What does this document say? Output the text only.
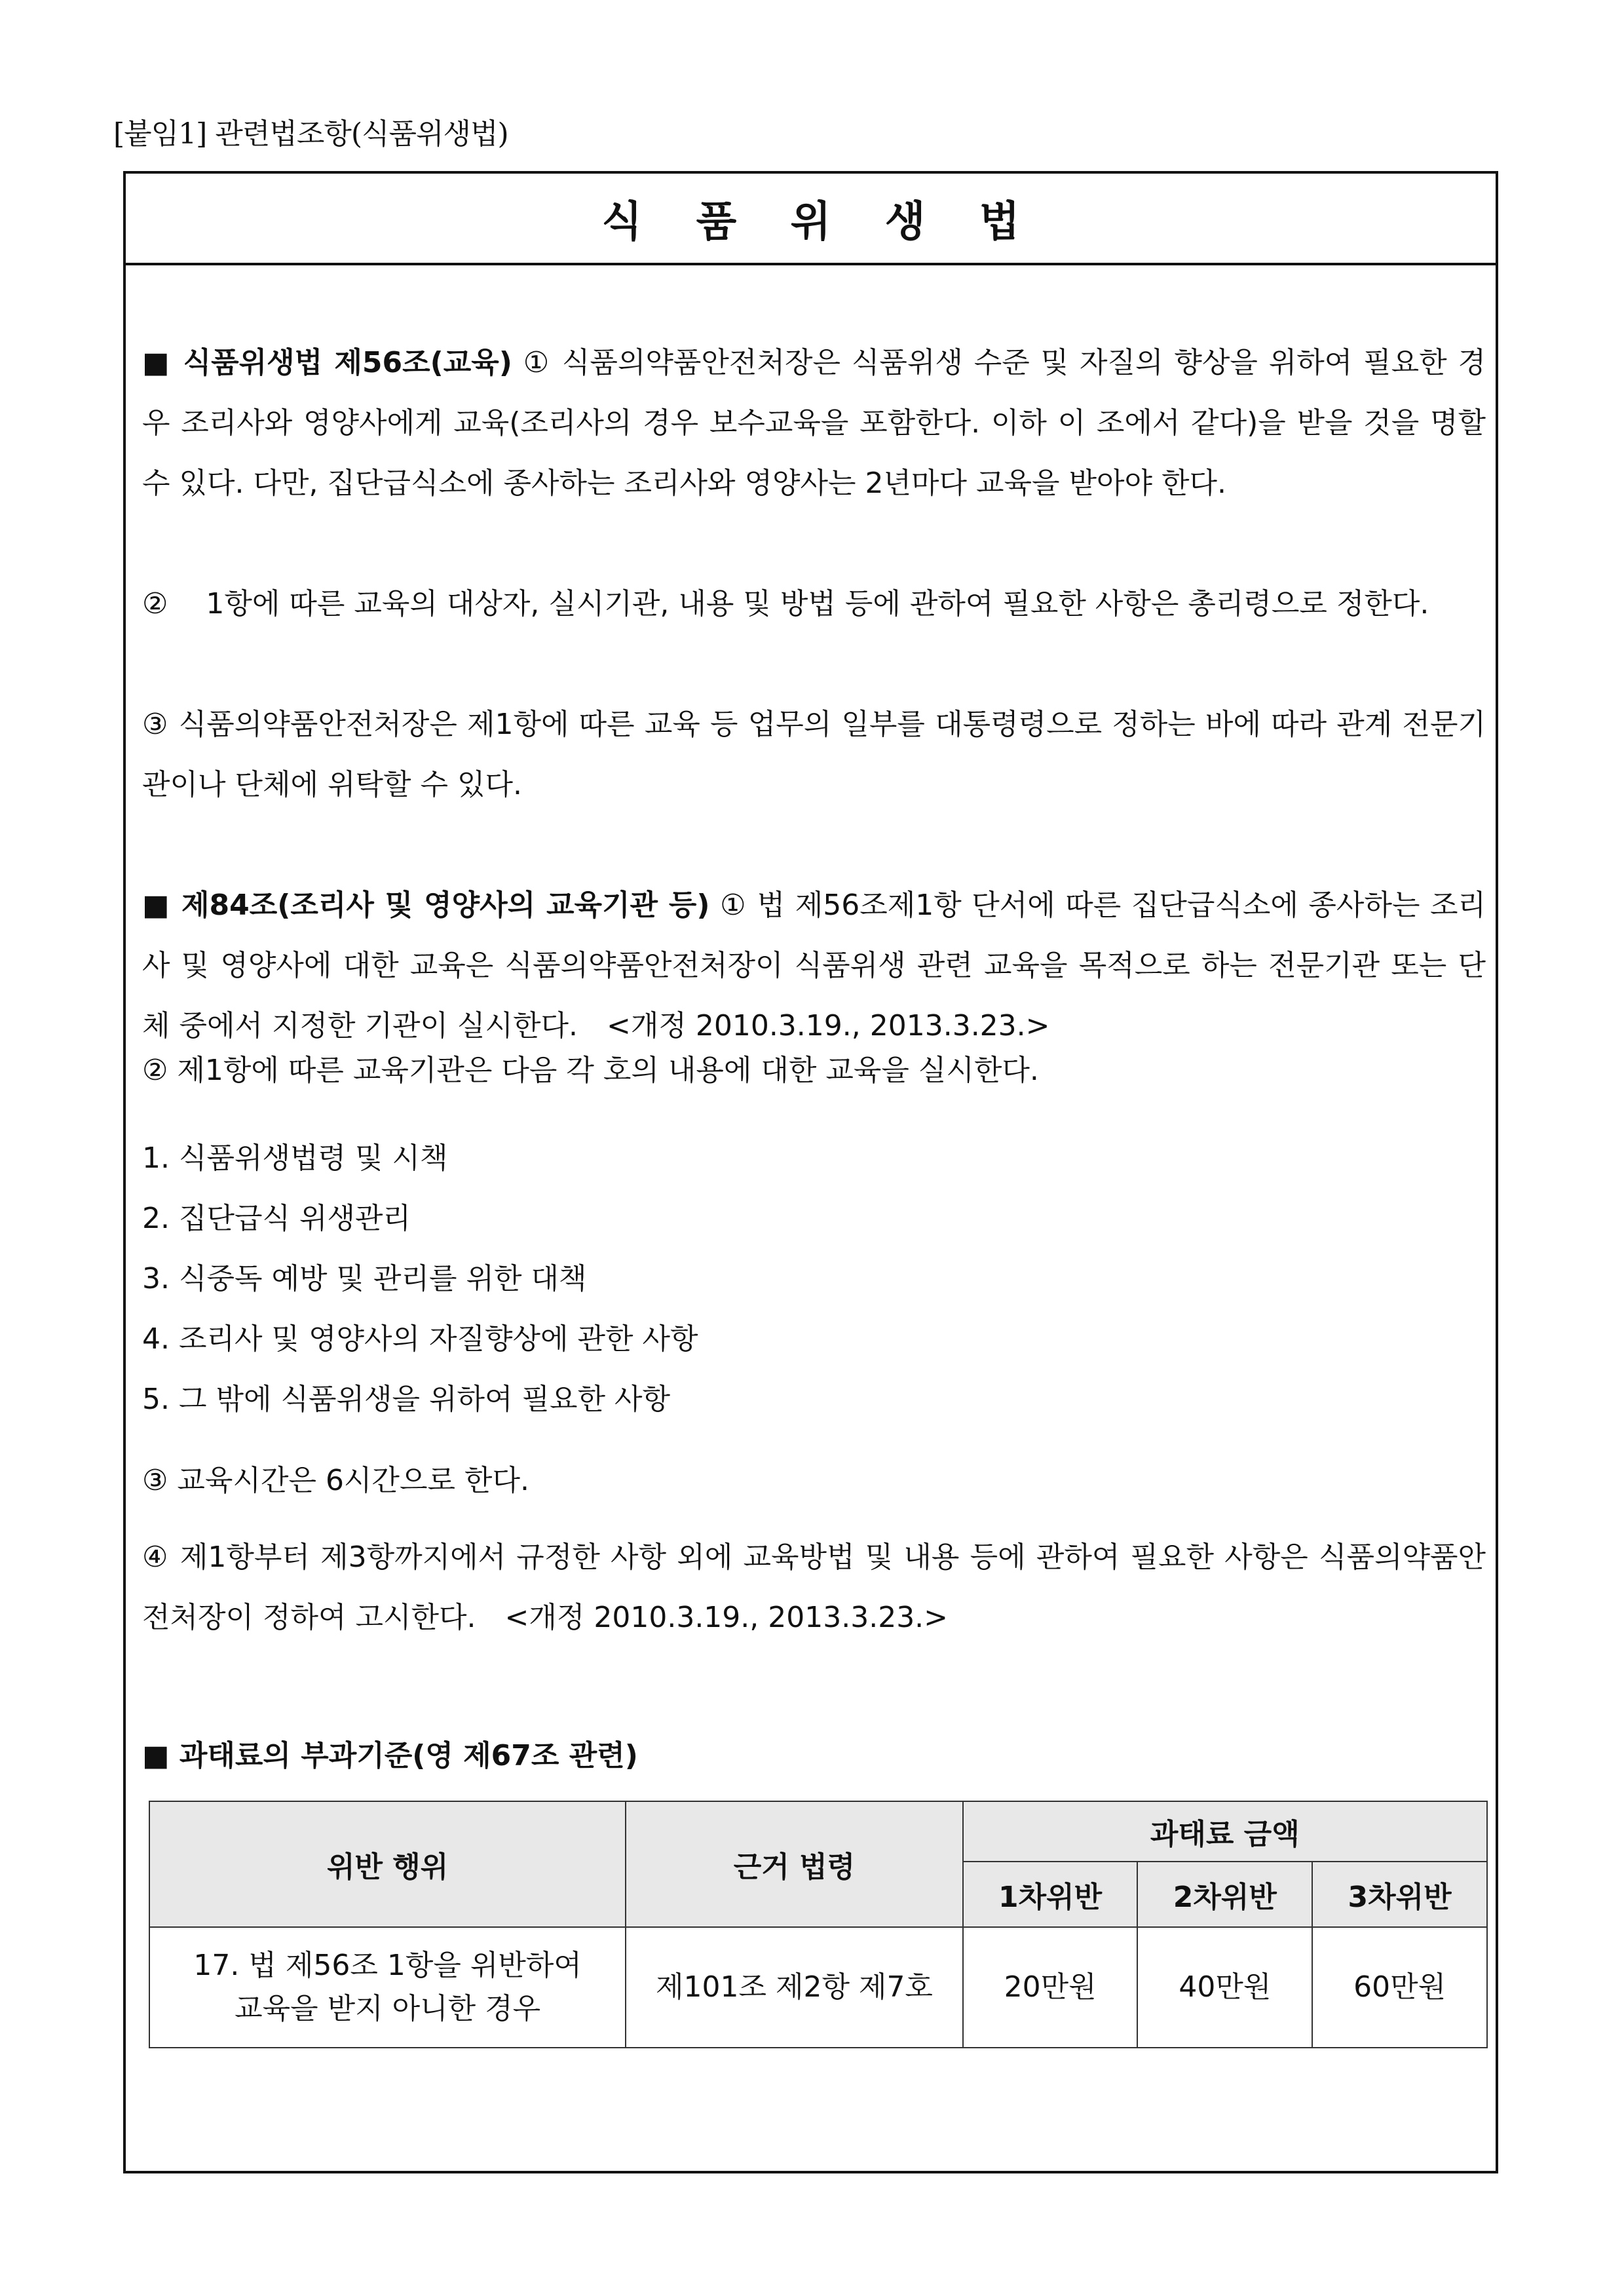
[붙임1] 관련법조항(식품위생법)
식 품 위 생 법
■ 식품위생법 제56조(교육) ① 식품의약품안전처장은 식품위생 수준 및 자질의 향상을 위하여 필요한 경우 조리사와 영양사에게 교육(조리사의 경우 보수교육을 포함한다. 이하 이 조에서 같다)을 받을 것을 명할 수 있다. 다만, 집단급식소에 종사하는 조리사와 영양사는 2년마다 교육을 받아야 한다.
②　 1항에 따른 교육의 대상자, 실시기관, 내용 및 방법 등에 관하여 필요한 사항은 총리령으로 정한다.
③ 식품의약품안전처장은 제1항에 따른 교육 등 업무의 일부를 대통령령으로 정하는 바에 따라 관계 전문기관이나 단체에 위탁할 수 있다.
■ 제84조(조리사 및 영양사의 교육기관 등) ① 법 제56조제1항 단서에 따른 집단급식소에 종사하는 조리사 및 영양사에 대한 교육은 식품의약품안전처장이 식품위생 관련 교육을 목적으로 하는 전문기관 또는 단체 중에서 지정한 기관이 실시한다.　<개정 2010.3.19., 2013.3.23.>
② 제1항에 따른 교육기관은 다음 각 호의 내용에 대한 교육을 실시한다.
1. 식품위생법령 및 시책
2. 집단급식 위생관리
3. 식중독 예방 및 관리를 위한 대책
4. 조리사 및 영양사의 자질향상에 관한 사항
5. 그 밖에 식품위생을 위하여 필요한 사항
③ 교육시간은 6시간으로 한다.
④ 제1항부터 제3항까지에서 규정한 사항 외에 교육방법 및 내용 등에 관하여 필요한 사항은 식품의약품안전처장이 정하여 고시한다.　<개정 2010.3.19., 2013.3.23.>
■ 과태료의 부과기준(영 제67조 관련)
위반 행위	근거 법령	과태료 금액		
		1차위반	2차위반	3차위반

17. 법 제56조 1항을 위반하여
교육을 받지 아니한 경우	제101조 제2항 제7호	20만원	40만원	60만원
